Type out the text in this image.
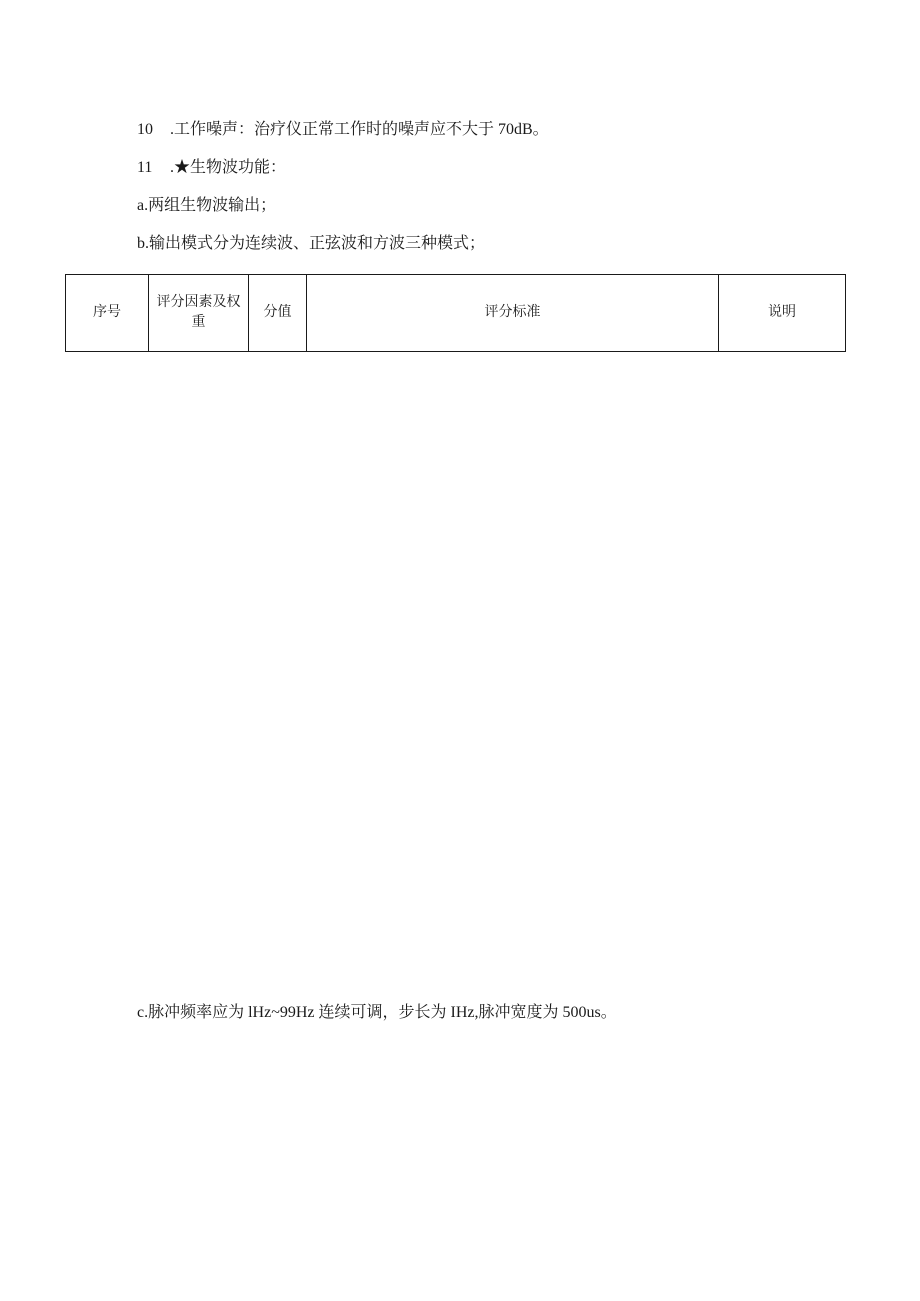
10 .工作噪声：治疗仪正常工作时的噪声应不大于 70dB。
11 .★生物波功能：
a.两组生物波输出；
b.输出模式分为连续波、正弦波和方波三种模式；
序号	评分因素及权重	分值	评分标准	说明
c.脉冲频率应为 lHz~99Hz 连续可调，步长为 IHz,脉冲宽度为 500us。
